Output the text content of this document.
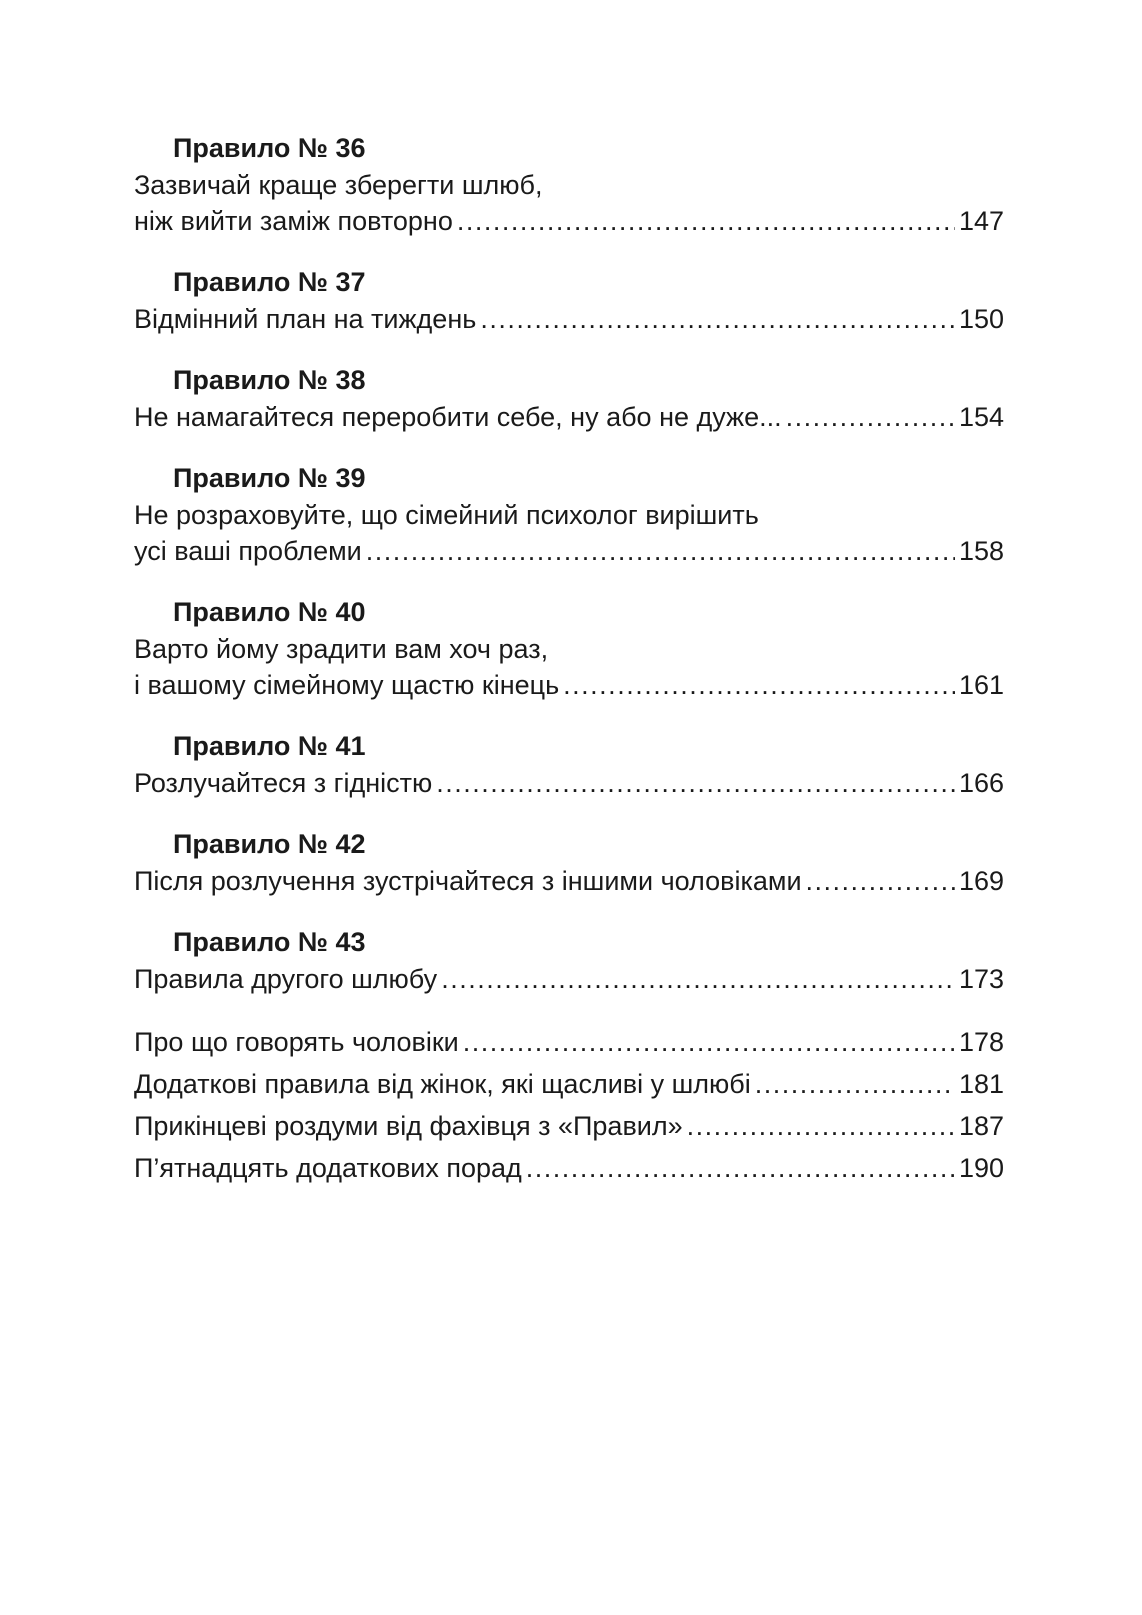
Правило № 36
Зазвичай краще зберегти шлюб,
ніж вийти заміж повторно . . .	147
Правило № 37
Відмінний план на тиждень . . .	150
Правило № 38
Не намагайтеся переробити себе, ну або не дуже... . . .	154
Правило № 39
Не розраховуйте, що сімейний психолог вирішить
усі ваші проблеми . . .	158
Правило № 40
Варто йому зрадити вам хоч раз,
і вашому сімейному щастю кінець . . .	161
Правило № 41
Розлучайтеся з гідністю . . .	166
Правило № 42
Після розлучення зустрічайтеся з іншими чоловіками . . .	169
Правило № 43
Правила другого шлюбу . . .	173
Про що говорять чоловіки . . .	178
Додаткові правила від жінок, які щасливі у шлюбі . . .	181
Прикінцеві роздуми від фахівця з «Правил» . . .	187
П’ятнадцять додаткових порад . . .	190
